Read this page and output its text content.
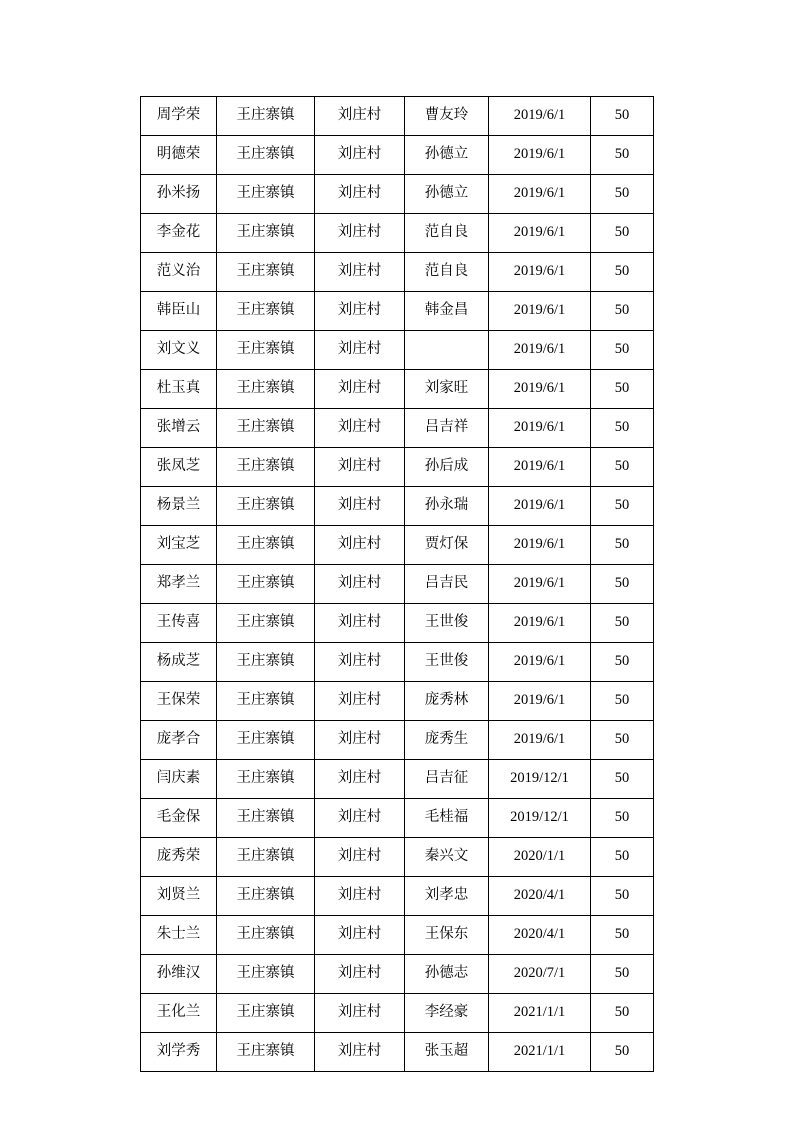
周学荣	王庄寨镇	刘庄村	曹友玲	2019/6/1	50
明德荣	王庄寨镇	刘庄村	孙德立	2019/6/1	50
孙米扬	王庄寨镇	刘庄村	孙德立	2019/6/1	50
李金花	王庄寨镇	刘庄村	范自良	2019/6/1	50
范义治	王庄寨镇	刘庄村	范自良	2019/6/1	50
韩臣山	王庄寨镇	刘庄村	韩金昌	2019/6/1	50
刘文义	王庄寨镇	刘庄村		2019/6/1	50
杜玉真	王庄寨镇	刘庄村	刘家旺	2019/6/1	50
张增云	王庄寨镇	刘庄村	吕吉祥	2019/6/1	50
张凤芝	王庄寨镇	刘庄村	孙后成	2019/6/1	50
杨景兰	王庄寨镇	刘庄村	孙永瑞	2019/6/1	50
刘宝芝	王庄寨镇	刘庄村	贾灯保	2019/6/1	50
郑孝兰	王庄寨镇	刘庄村	吕吉民	2019/6/1	50
王传喜	王庄寨镇	刘庄村	王世俊	2019/6/1	50
杨成芝	王庄寨镇	刘庄村	王世俊	2019/6/1	50
王保荣	王庄寨镇	刘庄村	庞秀林	2019/6/1	50
庞孝合	王庄寨镇	刘庄村	庞秀生	2019/6/1	50
闫庆素	王庄寨镇	刘庄村	吕吉征	2019/12/1	50
毛金保	王庄寨镇	刘庄村	毛桂福	2019/12/1	50
庞秀荣	王庄寨镇	刘庄村	秦兴文	2020/1/1	50
刘贤兰	王庄寨镇	刘庄村	刘孝忠	2020/4/1	50
朱士兰	王庄寨镇	刘庄村	王保东	2020/4/1	50
孙维汉	王庄寨镇	刘庄村	孙德志	2020/7/1	50
王化兰	王庄寨镇	刘庄村	李经豪	2021/1/1	50
刘学秀	王庄寨镇	刘庄村	张玉超	2021/1/1	50
